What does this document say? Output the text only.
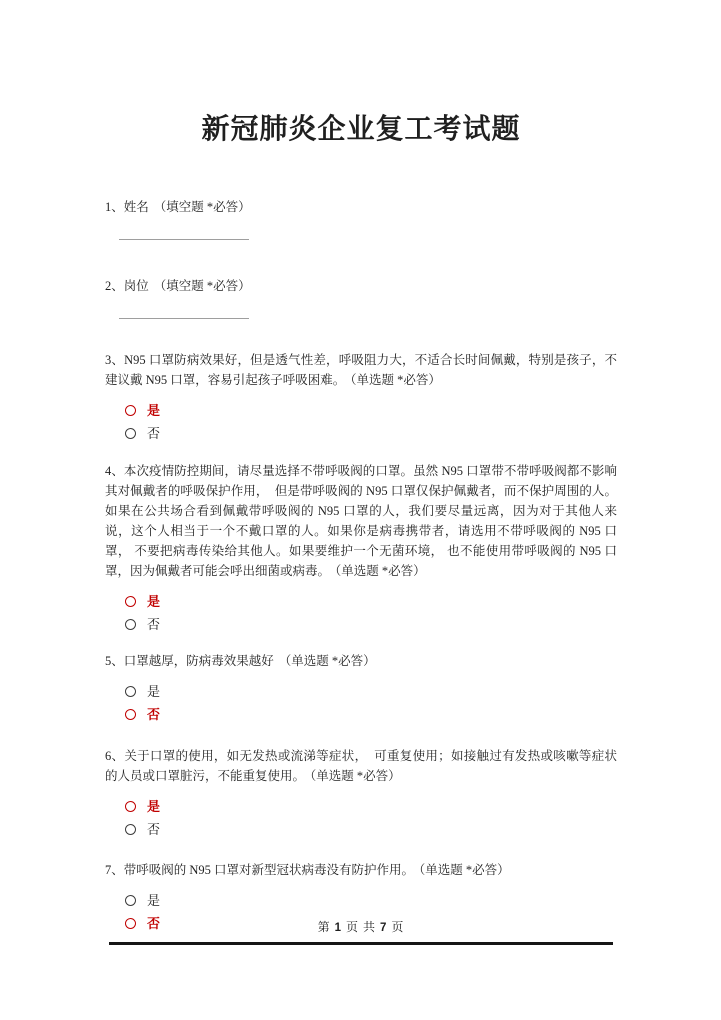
新冠肺炎企业复工考试题

1、姓名 （填空题 *必答）

2、岗位 （填空题 *必答）

3、N95 口罩防病效果好，但是透气性差，呼吸阻力大，不适合长时间佩戴，特别是孩子，不建议戴 N95 口罩，容易引起孩子呼吸困难。 （单选题 *必答）

是
否

4、本次疫情防控期间，请尽量选择不带呼吸阀的口罩。虽然 N95 口罩带不带呼吸阀都不影响其对佩戴者的呼吸保护作用，  但是带呼吸阀的 N95 口罩仅保护佩戴者，而不保护周围的人。如果在公共场合看到佩戴带呼吸阀的 N95 口罩的人，我们要尽量远离，因为对于其他人来说，这个人相当于一个不戴口罩的人。如果你是病毒携带者，请选用不带呼吸阀的 N95 口罩， 不要把病毒传染给其他人。如果要维护一个无菌环境， 也不能使用带呼吸阀的 N95 口罩，因为佩戴者可能会呼出细菌或病毒。 （单选题 *必答）

是
否

5、口罩越厚，防病毒效果越好 （单选题 *必答）

是
否

6、关于口罩的使用，如无发热或流涕等症状，  可重复使用；如接触过有发热或咳嗽等症状的人员或口罩脏污，不能重复使用。 （单选题 *必答）

是
否

7、带呼吸阀的 N95 口罩对新型冠状病毒没有防护作用。 （单选题 *必答）

是
否	第 1 页 共 7 页
